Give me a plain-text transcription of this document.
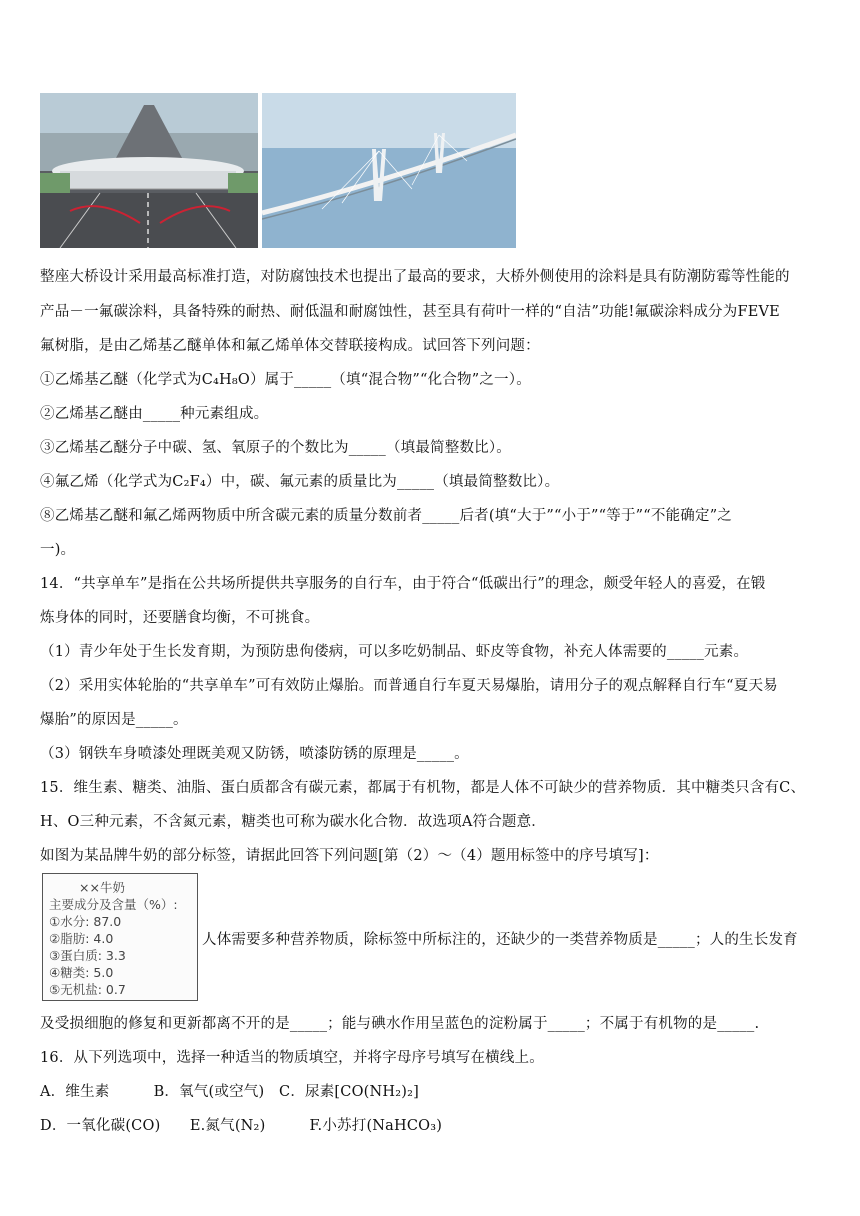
整座大桥设计采用最高标准打造，对防腐蚀技术也提出了最高的要求，大桥外侧使用的涂料是具有防潮防霉等性能的
产品－一氟碳涂料，具备特殊的耐热、耐低温和耐腐蚀性，甚至具有荷叶一样的“自洁”功能!氟碳涂料成分为FEVE
氟树脂，是由乙烯基乙醚单体和氟乙烯单体交替联接构成。试回答下列问题：
①乙烯基乙醚（化学式为C₄H₈O）属于_____（填“混合物”“化合物”之一）。
②乙烯基乙醚由_____种元素组成。
③乙烯基乙醚分子中碳、氢、氧原子的个数比为_____（填最简整数比）。
④氟乙烯（化学式为C₂F₄）中，碳、氟元素的质量比为_____（填最简整数比）。
⑧乙烯基乙醚和氟乙烯两物质中所含碳元素的质量分数前者_____后者(填“大于”“小于”“等于”“不能确定”之
一)。
14．“共享单车”是指在公共场所提供共享服务的自行车，由于符合“低碳出行”的理念，颇受年轻人的喜爱，在锻
炼身体的同时，还要膳食均衡，不可挑食。
（1）青少年处于生长发育期，为预防患佝偻病，可以多吃奶制品、虾皮等食物，补充人体需要的_____元素。
（2）采用实体轮胎的“共享单车”可有效防止爆胎。而普通自行车夏天易爆胎，请用分子的观点解释自行车“夏天易
爆胎”的原因是_____。
（3）钢铁车身喷漆处理既美观又防锈，喷漆防锈的原理是_____。
15．维生素、糖类、油脂、蛋白质都含有碳元素，都属于有机物，都是人体不可缺少的营养物质．其中糖类只含有C、
H、O三种元素，不含氮元素，糖类也可称为碳水化合物．故选项A符合题意．
如图为某品牌牛奶的部分标签，请据此回答下列问题[第（2）～（4）题用标签中的序号填写]：
××牛奶
主要成分及含量（%）:
①水分: 87.0
②脂肪: 4.0
③蛋白质: 3.3
④糖类: 5.0
⑤无机盐: 0.7
人体需要多种营养物质，除标签中所标注的，还缺少的一类营养物质是_____；人的生长发育
及受损细胞的修复和更新都离不开的是_____；能与碘水作用呈蓝色的淀粉属于_____；不属于有机物的是_____.
16．从下列选项中，选择一种适当的物质填空，并将字母序号填写在横线上。
A．维生素　　　B．氧气(或空气)　C．尿素[CO(NH₂)₂]
D．一氧化碳(CO)　　E.氮气(N₂)　　　F.小苏打(NaHCO₃)
